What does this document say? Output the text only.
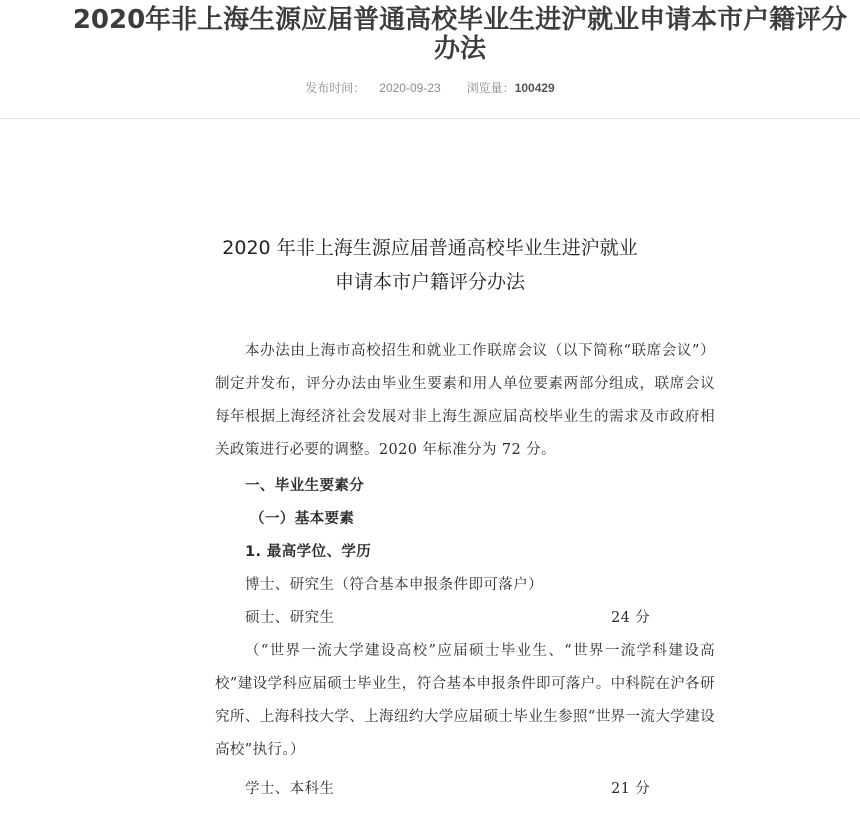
2020年非上海生源应届普通高校毕业生进沪就业申请本市户籍评分办法
发布时间： 2020-09-23 浏览量：100429
2020 年非上海生源应届普通高校毕业生进沪就业
申请本市户籍评分办法

本办法由上海市高校招生和就业工作联席会议（以下简称“联席会议”）制定并发布，评分办法由毕业生要素和用人单位要素两部分组成，联席会议每年根据上海经济社会发展对非上海生源应届高校毕业生的需求及市政府相关政策进行必要的调整。2020 年标准分为 72 分。

一、毕业生要素分
（一）基本要素
1. 最高学位、学历
博士、研究生（符合基本申报条件即可落户）
硕士、研究生	24 分

（“世界一流大学建设高校”应届硕士毕业生、“世界一流学科建设高校”建设学科应届硕士毕业生，符合基本申报条件即可落户。中科院在沪各研究所、上海科技大学、上海纽约大学应届硕士毕业生参照“世界一流大学建设高校”执行。）

学士、本科生	21 分
